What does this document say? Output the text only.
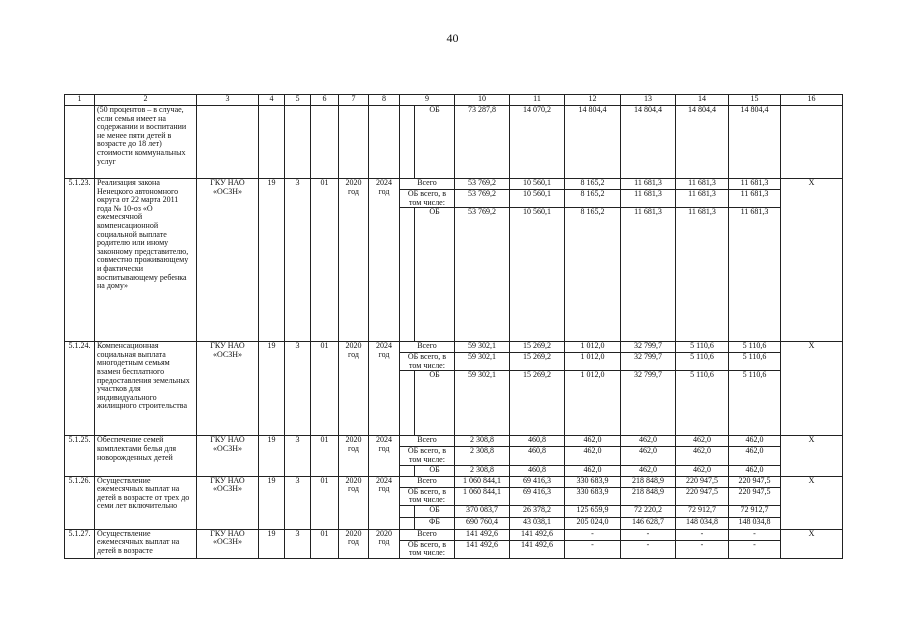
40
1	2	3	4	5	6	7	8	9		10	11	12	13	14	15	16
	(50 процентов – в случае, если семья имеет на содержании и воспитании не менее пяти детей в возрасте до 18 лет) стоимости коммунальных услуг								ОБ	73 287,8	14 070,2	14 804,4	14 804,4	14 804,4	14 804,4	
5.1.23.	Реализация закона Ненецкого автономного округа от 22 марта 2011 года № 10-оз «О ежемесячной компенсационной социальной выплате родителю или иному законному представителю, совместно проживающему и фактически воспитывающему ребенка на дому»	ГКУ НАО «ОСЗН»	19	3	01	2020 год	2024 год	Всего		53 769,2	10 560,1	8 165,2	11 681,3	11 681,3	11 681,3	Х
								ОБ всего, в том числе:		53 769,2	10 560,1	8 165,2	11 681,3	11 681,3	11 681,3	
									ОБ	53 769,2	10 560,1	8 165,2	11 681,3	11 681,3	11 681,3	
5.1.24.	Компенсационная социальная выплата многодетным семьям взамен бесплатного предоставления земельных участков для индивидуального жилищного строительства	ГКУ НАО «ОСЗН»	19	3	01	2020 год	2024 год	Всего		59 302,1	15 269,2	1 012,0	32 799,7	5 110,6	5 110,6	Х
								ОБ всего, в том числе:		59 302,1	15 269,2	1 012,0	32 799,7	5 110,6	5 110,6	
									ОБ	59 302,1	15 269,2	1 012,0	32 799,7	5 110,6	5 110,6	
5.1.25.	Обеспечение семей комплектами белья для новорожденных детей	ГКУ НАО «ОСЗН»	19	3	01	2020 год	2024 год	Всего		2 308,8	460,8	462,0	462,0	462,0	462,0	Х
								ОБ всего, в том числе:		2 308,8	460,8	462,0	462,0	462,0	462,0	
									ОБ	2 308,8	460,8	462,0	462,0	462,0	462,0	
5.1.26.	Осуществление ежемесячных выплат на детей в возрасте от трех до семи лет включительно	ГКУ НАО «ОСЗН»	19	3	01	2020 год	2024 год	Всего		1 060 844,1	69 416,3	330 683,9	218 848,9	220 947,5	220 947,5	Х
								ОБ всего, в том числе:		1 060 844,1	69 416,3	330 683,9	218 848,9	220 947,5	220 947,5	
									ОБ	370 083,7	26 378,2	125 659,9	72 220,2	72 912,7	72 912,7	
									ФБ	690 760,4	43 038,1	205 024,0	146 628,7	148 034,8	148 034,8	
5.1.27.	Осуществление ежемесячных выплат на детей в возрасте	ГКУ НАО «ОСЗН»	19	3	01	2020 год	2020 год	Всего		141 492,6	141 492,6	-	-	-	-	Х
								ОБ всего, в том числе:		141 492,6	141 492,6	-	-	-	-	
